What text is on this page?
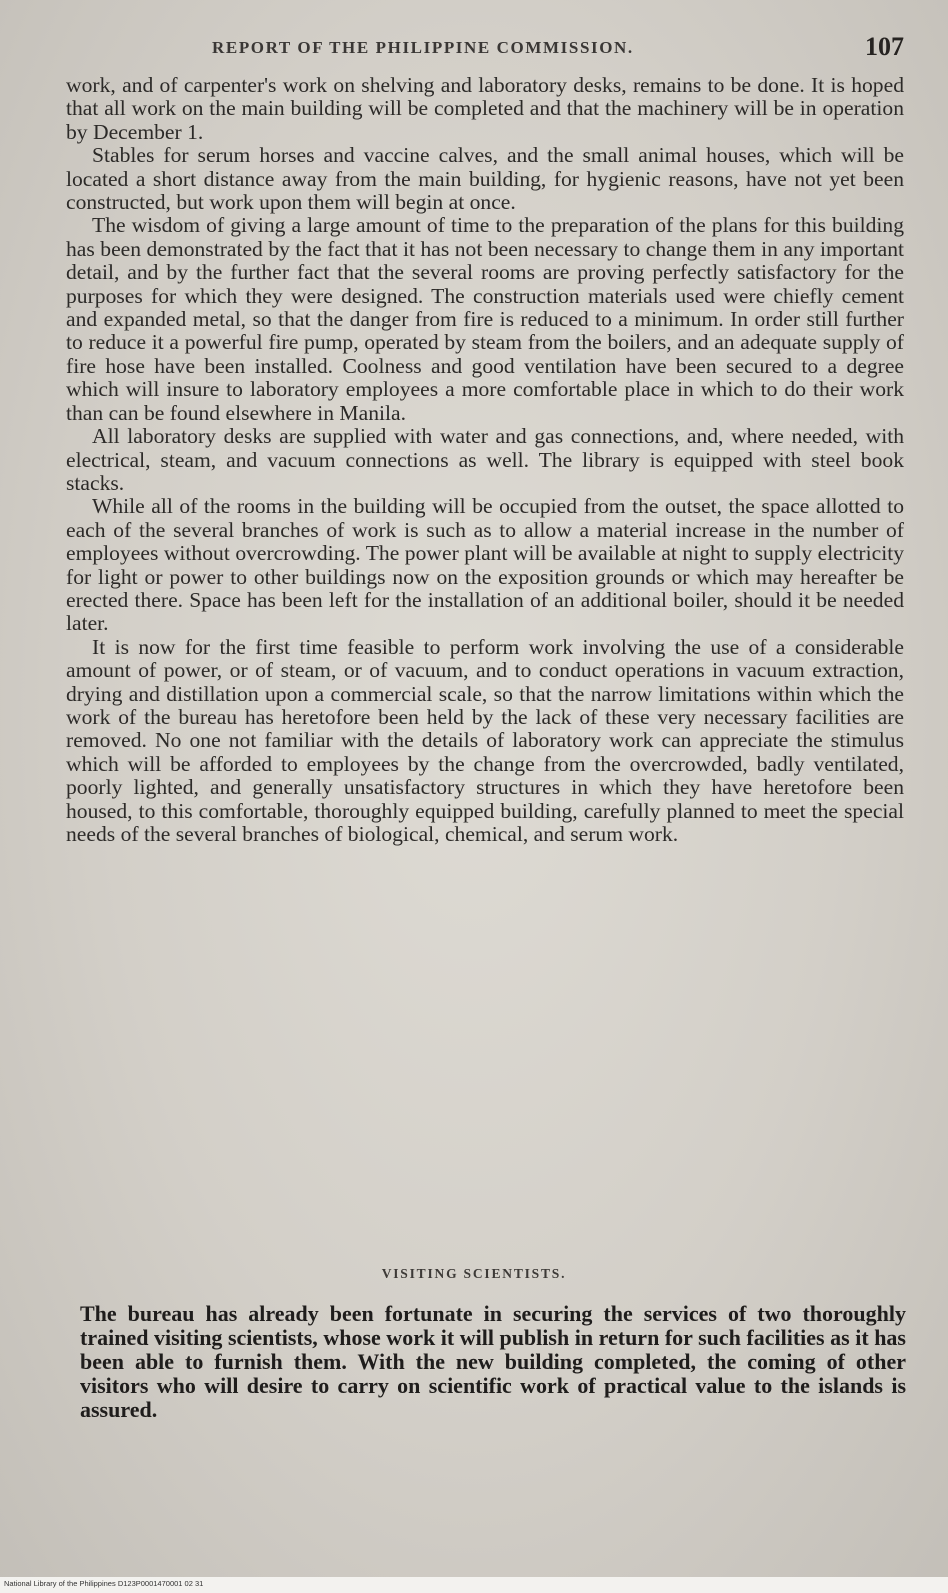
REPORT OF THE PHILIPPINE COMMISSION.	107

work, and of carpenter's work on shelving and laboratory desks, remains to be done. It is hoped that all work on the main building will be completed and that the machinery will be in operation by December 1.

Stables for serum horses and vaccine calves, and the small animal houses, which will be located a short distance away from the main building, for hygienic reasons, have not yet been constructed, but work upon them will begin at once.

The wisdom of giving a large amount of time to the preparation of the plans for this building has been demonstrated by the fact that it has not been necessary to change them in any important detail, and by the further fact that the several rooms are proving perfectly satisfactory for the purposes for which they were designed. The construction materials used were chiefly cement and expanded metal, so that the danger from fire is reduced to a minimum. In order still further to reduce it a powerful fire pump, operated by steam from the boilers, and an adequate supply of fire hose have been installed. Coolness and good ventilation have been secured to a degree which will insure to laboratory employees a more comfortable place in which to do their work than can be found elsewhere in Manila.

All laboratory desks are supplied with water and gas connections, and, where needed, with electrical, steam, and vacuum connections as well. The library is equipped with steel book stacks.

While all of the rooms in the building will be occupied from the outset, the space allotted to each of the several branches of work is such as to allow a material increase in the number of employees without overcrowding. The power plant will be available at night to supply electricity for light or power to other buildings now on the exposition grounds or which may hereafter be erected there. Space has been left for the installation of an additional boiler, should it be needed later.

It is now for the first time feasible to perform work involving the use of a considerable amount of power, or of steam, or of vacuum, and to conduct operations in vacuum extraction, drying and distillation upon a commercial scale, so that the narrow limitations within which the work of the bureau has heretofore been held by the lack of these very necessary facilities are removed. No one not familiar with the details of laboratory work can appreciate the stimulus which will be afforded to employees by the change from the overcrowded, badly ventilated, poorly lighted, and generally unsatisfactory structures in which they have heretofore been housed, to this comfortable, thoroughly equipped building, carefully planned to meet the special needs of the several branches of biological, chemical, and serum work.

VISITING SCIENTISTS.

The bureau has already been fortunate in securing the services of two thoroughly trained visiting scientists, whose work it will publish in return for such facilities as it has been able to furnish them. With the new building completed, the coming of other visitors who will desire to carry on scientific work of practical value to the islands is assured.

National Library of the Philippines D123P0001470001 02 31
